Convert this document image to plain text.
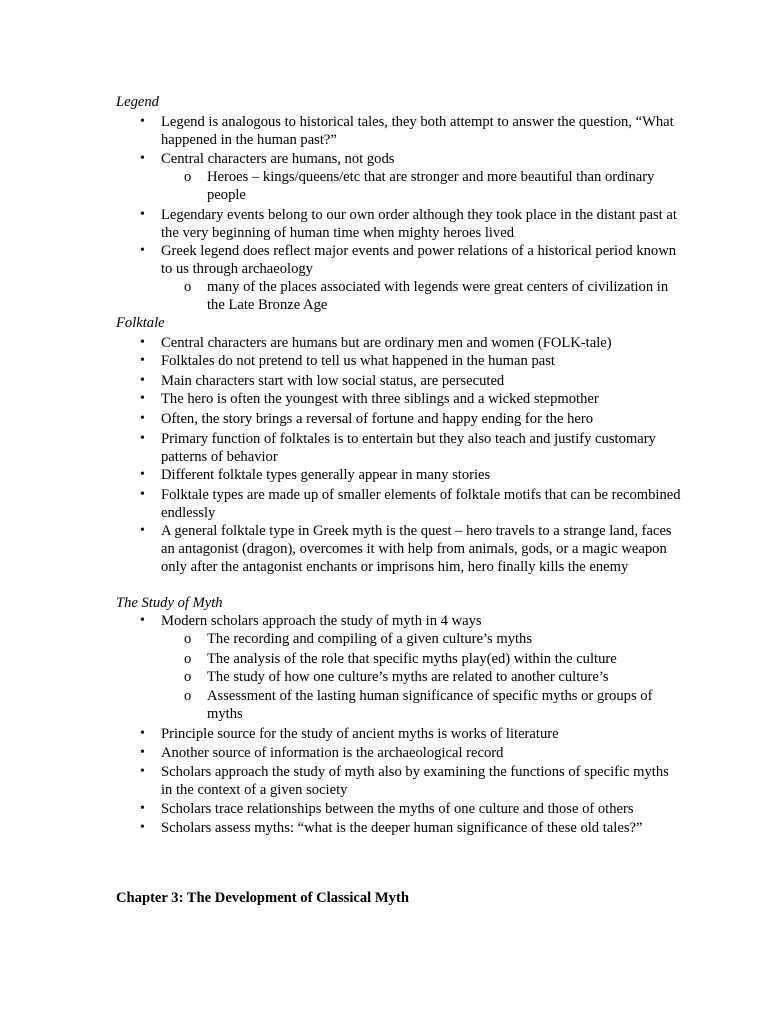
Legend
• Legend is analogous to historical tales, they both attempt to answer the question, “What happened in the human past?”
• Central characters are humans, not gods
o Heroes – kings/queens/etc that are stronger and more beautiful than ordinary people
• Legendary events belong to our own order although they took place in the distant past at the very beginning of human time when mighty heroes lived
• Greek legend does reflect major events and power relations of a historical period known to us through archaeology
o many of the places associated with legends were great centers of civilization in the Late Bronze Age
Folktale
• Central characters are humans but are ordinary men and women (FOLK-tale)
• Folktales do not pretend to tell us what happened in the human past
• Main characters start with low social status, are persecuted
• The hero is often the youngest with three siblings and a wicked stepmother
• Often, the story brings a reversal of fortune and happy ending for the hero
• Primary function of folktales is to entertain but they also teach and justify customary patterns of behavior
• Different folktale types generally appear in many stories
• Folktale types are made up of smaller elements of folktale motifs that can be recombined endlessly
• A general folktale type in Greek myth is the quest – hero travels to a strange land, faces an antagonist (dragon), overcomes it with help from animals, gods, or a magic weapon only after the antagonist enchants or imprisons him, hero finally kills the enemy
The Study of Myth
• Modern scholars approach the study of myth in 4 ways
o The recording and compiling of a given culture’s myths
o The analysis of the role that specific myths play(ed) within the culture
o The study of how one culture’s myths are related to another culture’s
o Assessment of the lasting human significance of specific myths or groups of myths
• Principle source for the study of ancient myths is works of literature
• Another source of information is the archaeological record
• Scholars approach the study of myth also by examining the functions of specific myths in the context of a given society
• Scholars trace relationships between the myths of one culture and those of others
• Scholars assess myths: “what is the deeper human significance of these old tales?”
Chapter 3: The Development of Classical Myth
